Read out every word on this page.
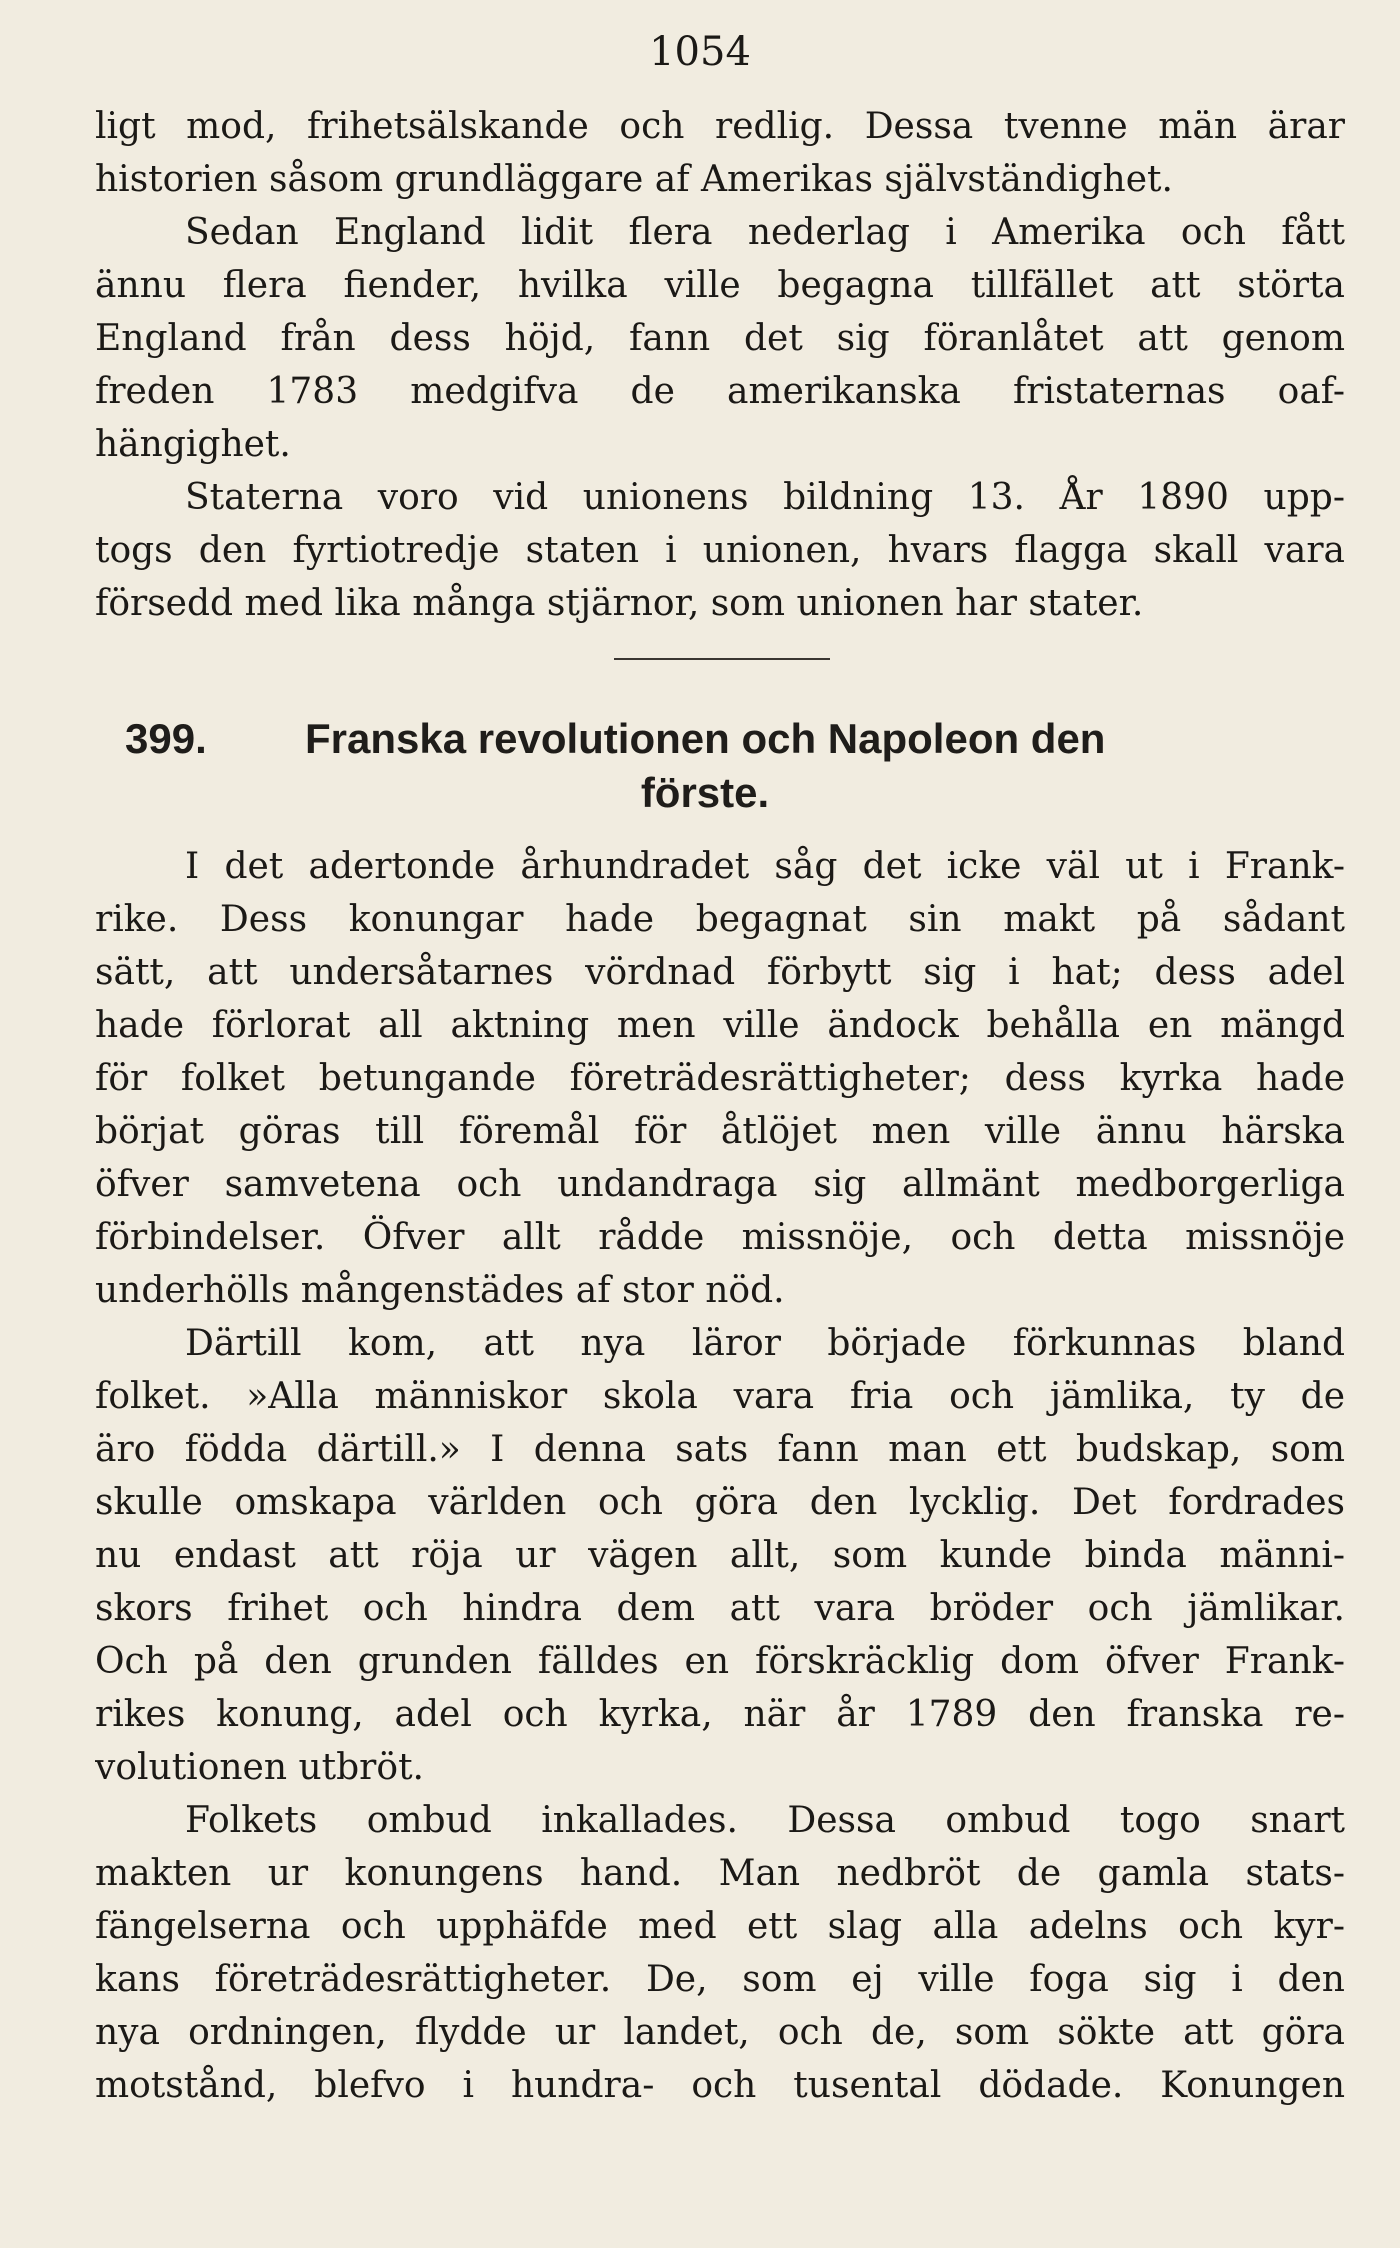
1054
ligt mod, frihetsälskande och redlig. Dessa tvenne män ärar
historien såsom grundläggare af Amerikas självständighet.
Sedan England lidit flera nederlag i Amerika och fått
ännu flera fiender, hvilka ville begagna tillfället att störta
England från dess höjd, fann det sig föranlåtet att genom
freden 1783 medgifva de amerikanska fristaternas oaf-
hängighet.
Staterna voro vid unionens bildning 13. År 1890 upp-
togs den fyrtiotredje staten i unionen, hvars flagga skall vara
försedd med lika många stjärnor, som unionen har stater.
399. Franska revolutionen och Napoleon den
förste.
I det adertonde århundradet såg det icke väl ut i Frank-
rike. Dess konungar hade begagnat sin makt på sådant
sätt, att undersåtarnes vördnad förbytt sig i hat; dess adel
hade förlorat all aktning men ville ändock behålla en mängd
för folket betungande företrädesrättigheter; dess kyrka hade
börjat göras till föremål för åtlöjet men ville ännu härska
öfver samvetena och undandraga sig allmänt medborgerliga
förbindelser. Öfver allt rådde missnöje, och detta missnöje
underhölls mångenstädes af stor nöd.
Därtill kom, att nya läror började förkunnas bland
folket. »Alla människor skola vara fria och jämlika, ty de
äro födda därtill.» I denna sats fann man ett budskap, som
skulle omskapa världen och göra den lycklig. Det fordrades
nu endast att röja ur vägen allt, som kunde binda männi-
skors frihet och hindra dem att vara bröder och jämlikar.
Och på den grunden fälldes en förskräcklig dom öfver Frank-
rikes konung, adel och kyrka, när år 1789 den franska re-
volutionen utbröt.
Folkets ombud inkallades. Dessa ombud togo snart
makten ur konungens hand. Man nedbröt de gamla stats-
fängelserna och upphäfde med ett slag alla adelns och kyr-
kans företrädesrättigheter. De, som ej ville foga sig i den
nya ordningen, flydde ur landet, och de, som sökte att göra
motstånd, blefvo i hundra- och tusental dödade. Konungen
